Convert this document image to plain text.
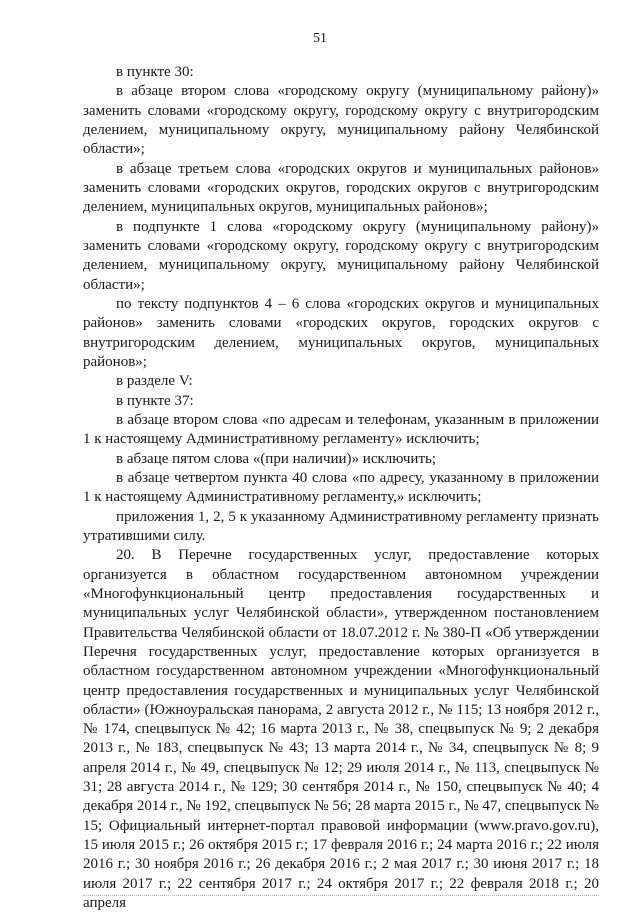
51

в пункте 30:

в абзаце втором слова «городскому округу (муниципальному району)» заменить словами «городскому округу, городскому округу с внутригородским делением, муниципальному округу, муниципальному району Челябинской области»;

в абзаце третьем слова «городских округов и муниципальных районов» заменить словами «городских округов, городских округов с внутригородским делением, муниципальных округов, муниципальных районов»;

в подпункте 1 слова «городскому округу (муниципальному району)» заменить словами «городскому округу, городскому округу с внутригородским делением, муниципальному округу, муниципальному району Челябинской области»;

по тексту подпунктов 4 – 6 слова «городских округов и муниципальных районов» заменить словами «городских округов, городских округов с внутригородским делением, муниципальных округов, муниципальных районов»;

в разделе V:

в пункте 37:

в абзаце втором слова «по адресам и телефонам, указанным в приложении 1 к настоящему Административному регламенту» исключить;

в абзаце пятом слова «(при наличии)» исключить;

в абзаце четвертом пункта 40 слова «по адресу, указанному в приложении 1 к настоящему Административному регламенту,» исключить;

приложения 1, 2, 5 к указанному Административному регламенту признать утратившими силу.

20. В Перечне государственных услуг, предоставление которых организуется в областном государственном автономном учреждении «Многофункциональный центр предоставления государственных и муниципальных услуг Челябинской области», утвержденном постановлением Правительства Челябинской области от 18.07.2012 г. № 380-П «Об утверждении Перечня государственных услуг, предоставление которых организуется в областном государственном автономном учреждении «Многофункциональный центр предоставления государственных и муниципальных услуг Челябинской области» (Южноуральская панорама, 2 августа 2012 г., № 115; 13 ноября 2012 г., № 174, спецвыпуск № 42; 16 марта 2013 г., № 38, спецвыпуск № 9; 2 декабря 2013 г., № 183, спецвыпуск № 43; 13 марта 2014 г., № 34, спецвыпуск № 8; 9 апреля 2014 г., № 49, спецвыпуск № 12; 29 июля 2014 г., № 113, спецвыпуск № 31; 28 августа 2014 г., № 129; 30 сентября 2014 г., № 150, спецвыпуск № 40; 4 декабря 2014 г., № 192, спецвыпуск № 56; 28 марта 2015 г., № 47, спецвыпуск № 15; Официальный интернет-портал правовой информации (www.pravo.gov.ru), 15 июля 2015 г.; 26 октября 2015 г.; 17 февраля 2016 г.; 24 марта 2016 г.; 22 июля 2016 г.; 30 ноября 2016 г.; 26 декабря 2016 г.; 2 мая 2017 г.; 30 июня 2017 г.; 18 июля 2017 г.; 22 сентября 2017 г.; 24 октября 2017 г.; 22 февраля 2018 г.; 20 апреля
